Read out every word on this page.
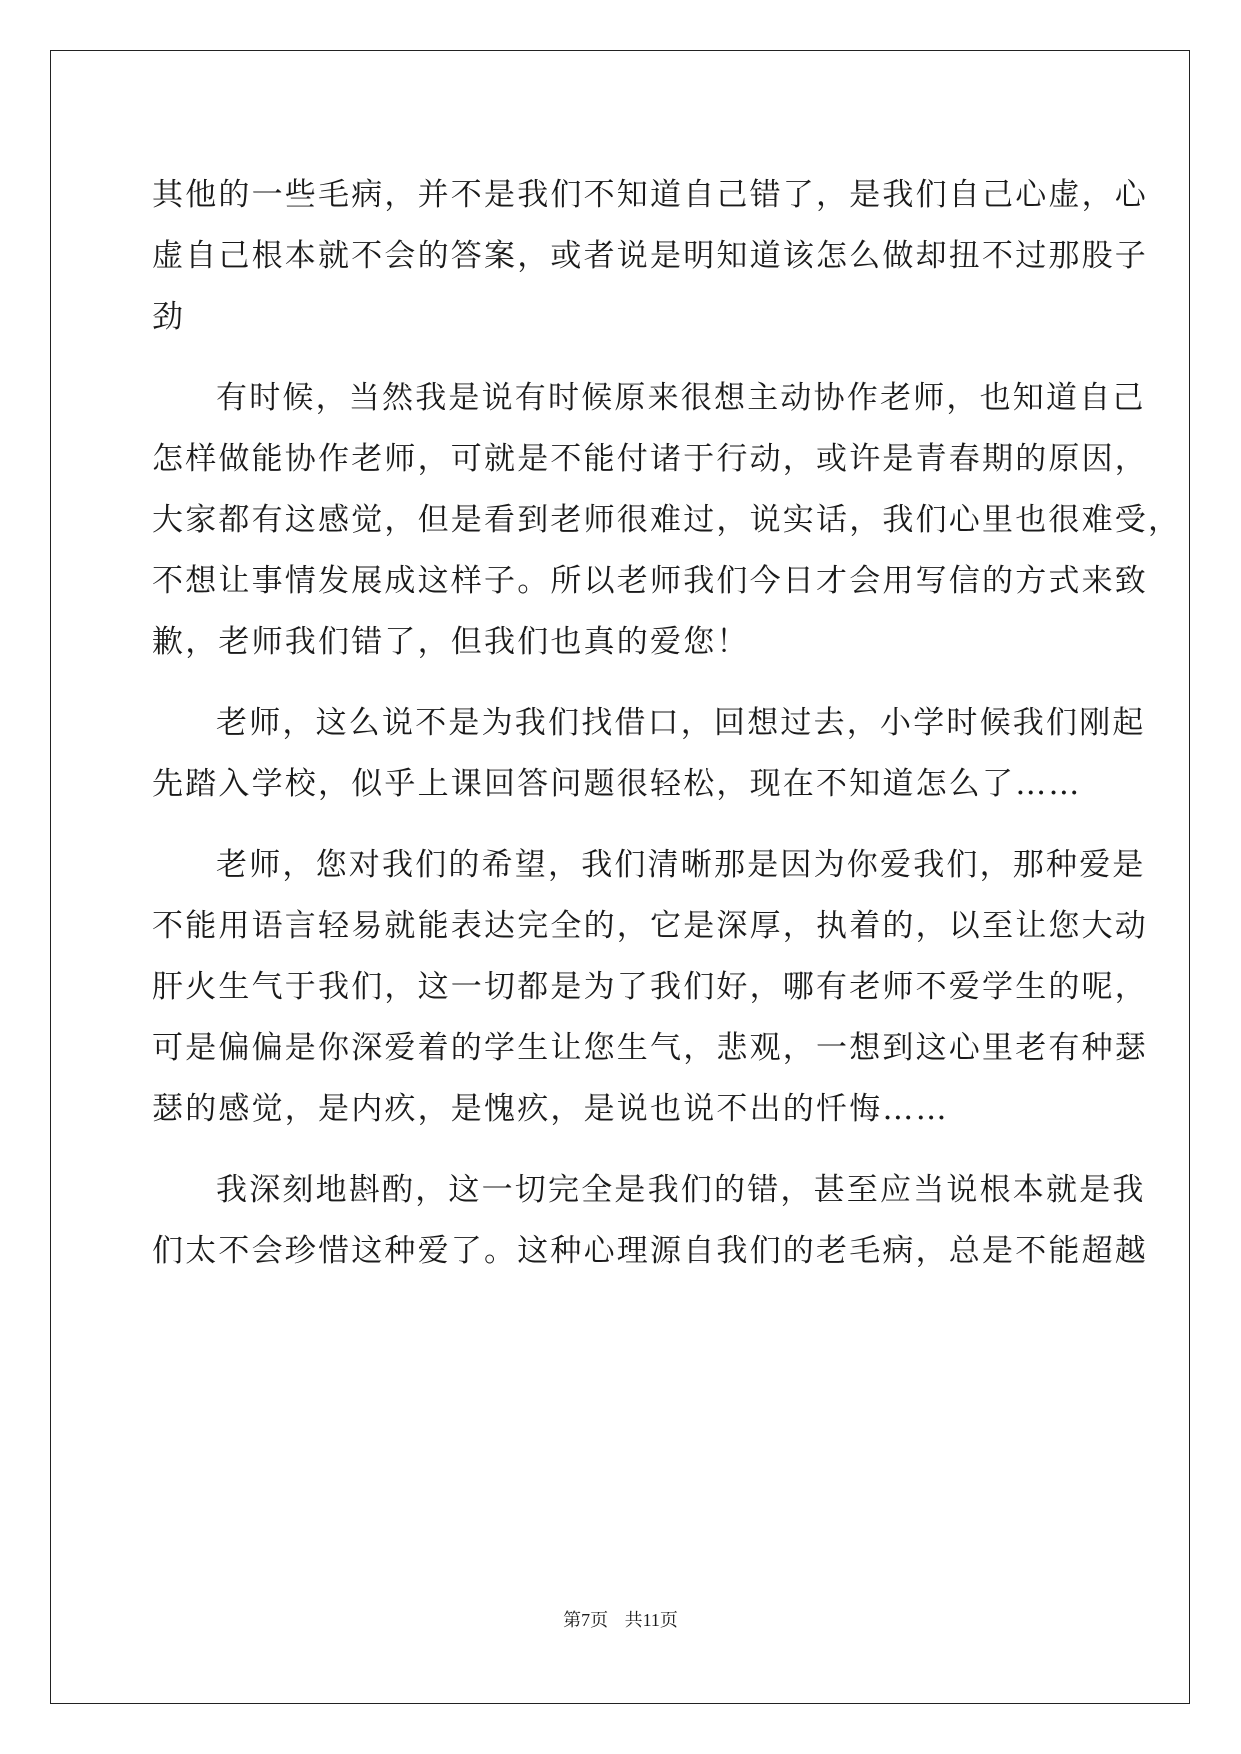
其他的一些毛病，并不是我们不知道自己错了，是我们自己心虚，心
虚自己根本就不会的答案，或者说是明知道该怎么做却扭不过那股子
劲
有时候，当然我是说有时候原来很想主动协作老师，也知道自己
怎样做能协作老师，可就是不能付诸于行动，或许是青春期的原因，
大家都有这感觉，但是看到老师很难过，说实话，我们心里也很难受，
不想让事情发展成这样子。所以老师我们今日才会用写信的方式来致
歉，老师我们错了，但我们也真的爱您！
老师，这么说不是为我们找借口，回想过去，小学时候我们刚起
先踏入学校，似乎上课回答问题很轻松，现在不知道怎么了……
老师，您对我们的希望，我们清晰那是因为你爱我们，那种爱是
不能用语言轻易就能表达完全的，它是深厚，执着的，以至让您大动
肝火生气于我们，这一切都是为了我们好，哪有老师不爱学生的呢，
可是偏偏是你深爱着的学生让您生气，悲观，一想到这心里老有种瑟
瑟的感觉，是内疚，是愧疚，是说也说不出的忏悔……
我深刻地斟酌，这一切完全是我们的错，甚至应当说根本就是我
们太不会珍惜这种爱了。这种心理源自我们的老毛病，总是不能超越
第7页 共11页
